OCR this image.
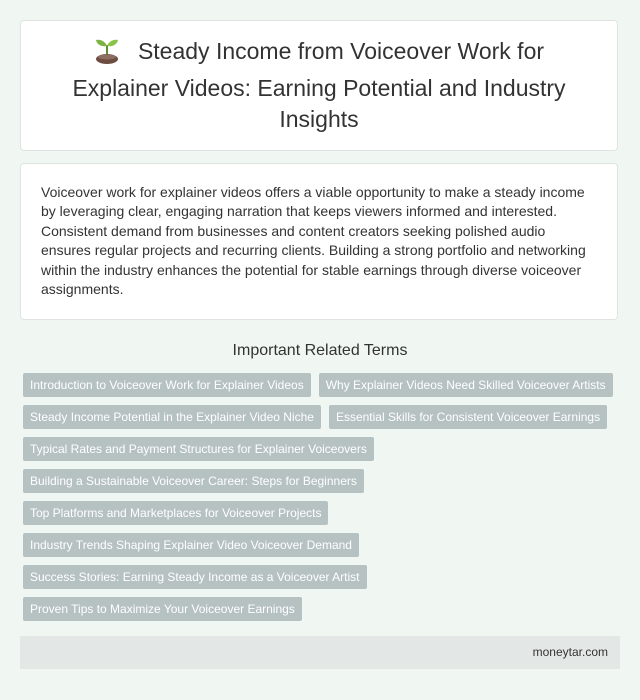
Steady Income from Voiceover Work for Explainer Videos: Earning Potential and Industry Insights

Voiceover work for explainer videos offers a viable opportunity to make a steady income by leveraging clear, engaging narration that keeps viewers informed and interested. Consistent demand from businesses and content creators seeking polished audio ensures regular projects and recurring clients. Building a strong portfolio and networking within the industry enhances the potential for stable earnings through diverse voiceover assignments.

Important Related Terms
Introduction to Voiceover Work for Explainer Videos	Why Explainer Videos Need Skilled Voiceover Artists
Steady Income Potential in the Explainer Video Niche	Essential Skills for Consistent Voiceover Earnings
Typical Rates and Payment Structures for Explainer Voiceovers
Building a Sustainable Voiceover Career: Steps for Beginners
Top Platforms and Marketplaces for Voiceover Projects
Industry Trends Shaping Explainer Video Voiceover Demand
Success Stories: Earning Steady Income as a Voiceover Artist
Proven Tips to Maximize Your Voiceover Earnings
moneytar.com
